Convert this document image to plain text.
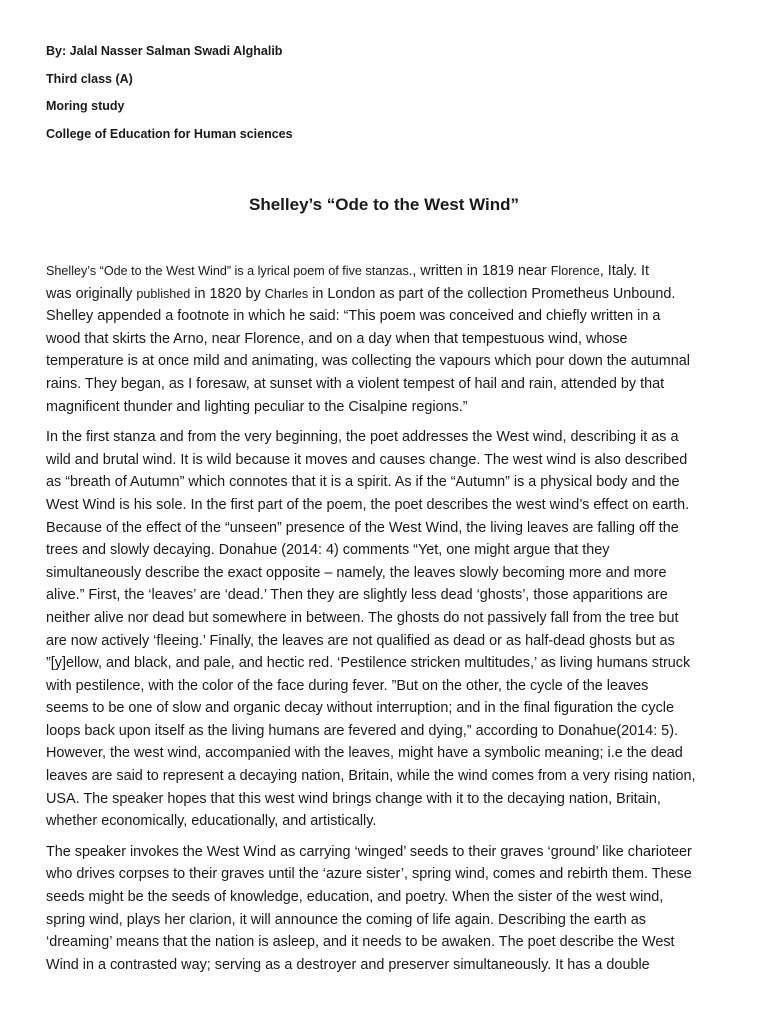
By: Jalal Nasser Salman Swadi Alghalib
Third class (A)
Moring study
College of Education for Human sciences
Shelley’s “Ode to the West Wind”
Shelley’s “Ode to the West Wind” is a lyrical poem of five stanzas., written in 1819 near Florence, Italy. It
was originally published in 1820 by Charles in London as part of the collection Prometheus Unbound.
Shelley appended a footnote in which he said: “This poem was conceived and chiefly written in a
wood that skirts the Arno, near Florence, and on a day when that tempestuous wind, whose
temperature is at once mild and animating, was collecting the vapours which pour down the autumnal
rains. They began, as I foresaw, at sunset with a violent tempest of hail and rain, attended by that
magnificent thunder and lighting peculiar to the Cisalpine regions.”
In the first stanza and from the very beginning, the poet addresses the West wind, describing it as a
wild and brutal wind. It is wild because it moves and causes change. The west wind is also described
as “breath of Autumn” which connotes that it is a spirit. As if the “Autumn” is a physical body and the
West Wind is his sole. In the first part of the poem, the poet describes the west wind’s effect on earth.
Because of the effect of the “unseen” presence of the West Wind, the living leaves are falling off the
trees and slowly decaying. Donahue (2014: 4) comments “Yet, one might argue that they
simultaneously describe the exact opposite – namely, the leaves slowly becoming more and more
alive.” First, the ‘leaves’ are ‘dead.’ Then they are slightly less dead ‘ghosts’, those apparitions are
neither alive nor dead but somewhere in between. The ghosts do not passively fall from the tree but
are now actively ‘fleeing.’ Finally, the leaves are not qualified as dead or as half-dead ghosts but as
”[y]ellow, and black, and pale, and hectic red. ‘Pestilence stricken multitudes,’ as living humans struck
with pestilence, with the color of the face during fever. ”But on the other, the cycle of the leaves
seems to be one of slow and organic decay without interruption; and in the final figuration the cycle
loops back upon itself as the living humans are fevered and dying,” according to Donahue(2014: 5).
However, the west wind, accompanied with the leaves, might have a symbolic meaning; i.e the dead
leaves are said to represent a decaying nation, Britain, while the wind comes from a very rising nation,
USA. The speaker hopes that this west wind brings change with it to the decaying nation, Britain,
whether economically, educationally, and artistically.
The speaker invokes the West Wind as carrying ‘winged’ seeds to their graves ‘ground’ like charioteer
who drives corpses to their graves until the ‘azure sister’, spring wind, comes and rebirth them. These
seeds might be the seeds of knowledge, education, and poetry. When the sister of the west wind,
spring wind, plays her clarion, it will announce the coming of life again. Describing the earth as
‘dreaming’ means that the nation is asleep, and it needs to be awaken. The poet describe the West
Wind in a contrasted way; serving as a destroyer and preserver simultaneously. It has a double
